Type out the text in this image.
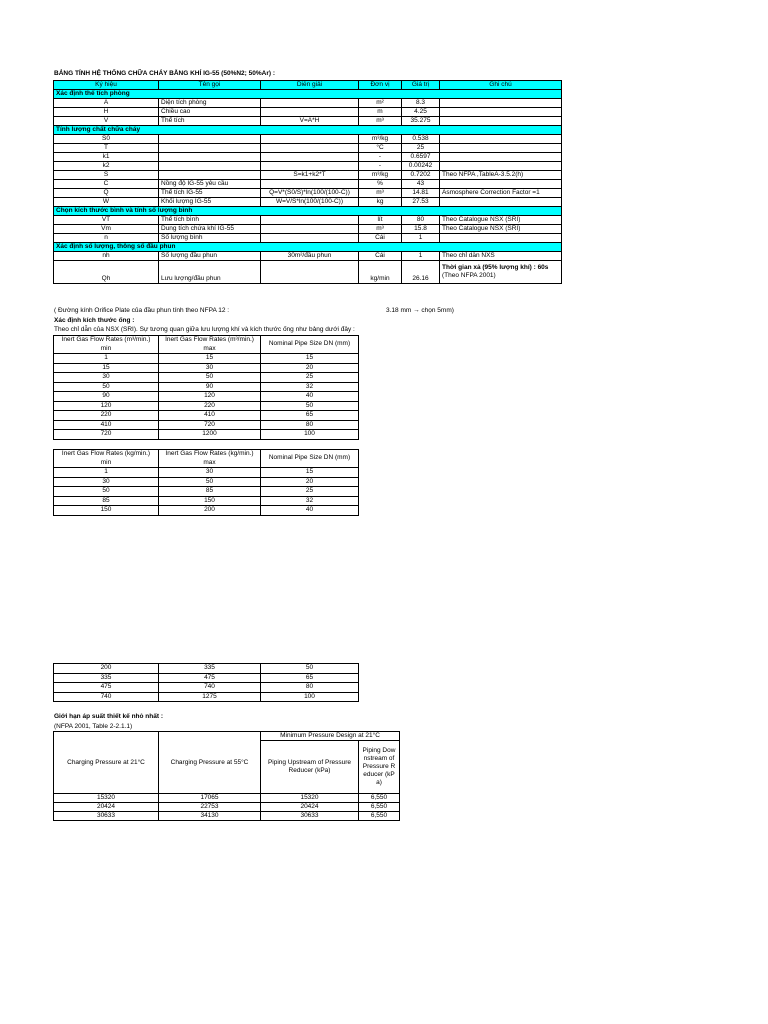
BẢNG TÍNH HỆ THỐNG CHỮA CHÁY BẰNG KHÍ IG-55 (50%N2; 50%Ar) :
Ký hiệu	Tên gọi	Diễn giải	Đơn vị	Giá trị	Ghi chú
Xác định thể tích phòng					
A	Diện tích phòng		m²	8.3	
H	Chiều cao		m	4.25	
V	Thể tích	V=A*H	m³	35.275	
Tính lượng chất chữa cháy					
S0			m³/kg	0.538	
T			°C	25	
k1			-	0.6597	
k2			-	0.00242	
S		S=k1+k2*T	m³/kg	0.7202	Theo NFPA ,TableA-3.5.2(h)
C	Nồng độ IG-55 yêu cầu		%	43	
Q	Thể tích IG-55	Q=V*(S0/S)*ln(100/(100-C))	m³	14.81	Asmosphere Correction Factor =1
W	Khối lượng IG-55	W=V/S*ln(100/(100-C))	kg	27.53	
Chọn kích thước bình và tính số lượng bình					
VT	Thể tích bình		lít	80	Theo Catalogue NSX (SRI)
Vm	Dung tích chứa khí IG-55		m³	15.8	Theo Catalogue NSX (SRI)
n	Số lượng bình		Cái	1	
Xác định số lượng, thông số đầu phun					
nh	Số lượng đầu phun	30m²/đầu phun	Cái	1	Theo chỉ dẫn NXS
Qh	Lưu lượng/đầu phun		kg/min	26.16	Thời gian xả (95% lượng khí) : 60s
(Theo NFPA 2001)
( Đường kính Orifice Plate của đầu phun tính theo NFPA 12 :	3.18 mm → chọn 5mm)
Xác định kích thước ống :
Theo chỉ dẫn của NSX (SRI). Sự tương quan giữa lưu lượng khí và kích thước ống như bảng dưới đây :
Inert Gas Flow Rates (m³/min.) min	Inert Gas Flow Rates (m³/min.) max	Nominal Pipe Size DN (mm)
1	15	15
15	30	20
30	50	25
50	90	32
90	120	40
120	220	50
220	410	65
410	720	80
720	1200	100
Inert Gas Flow Rates (kg/min.) min	Inert Gas Flow Rates (kg/min.) max	Nominal Pipe Size DN (mm)
1	30	15
30	50	20
50	85	25
85	150	32
150	200	40
200	335	50
335	475	65
475	740	80
740	1275	100
Giới hạn áp suất thiết kế nhỏ nhất :
(NFPA 2001, Table 2-2.1.1)
Charging Pressure at 21°C	Charging Pressure at 55°C	Minimum Pressure Design at 21°C	
		Piping Upstream of Pressure Reducer (kPa)	Piping Downstream of Pressure Reducer (kPa)
15320	17065	15320	6,550
20424	22753	20424	6,550
30633	34130	30633	6,550
